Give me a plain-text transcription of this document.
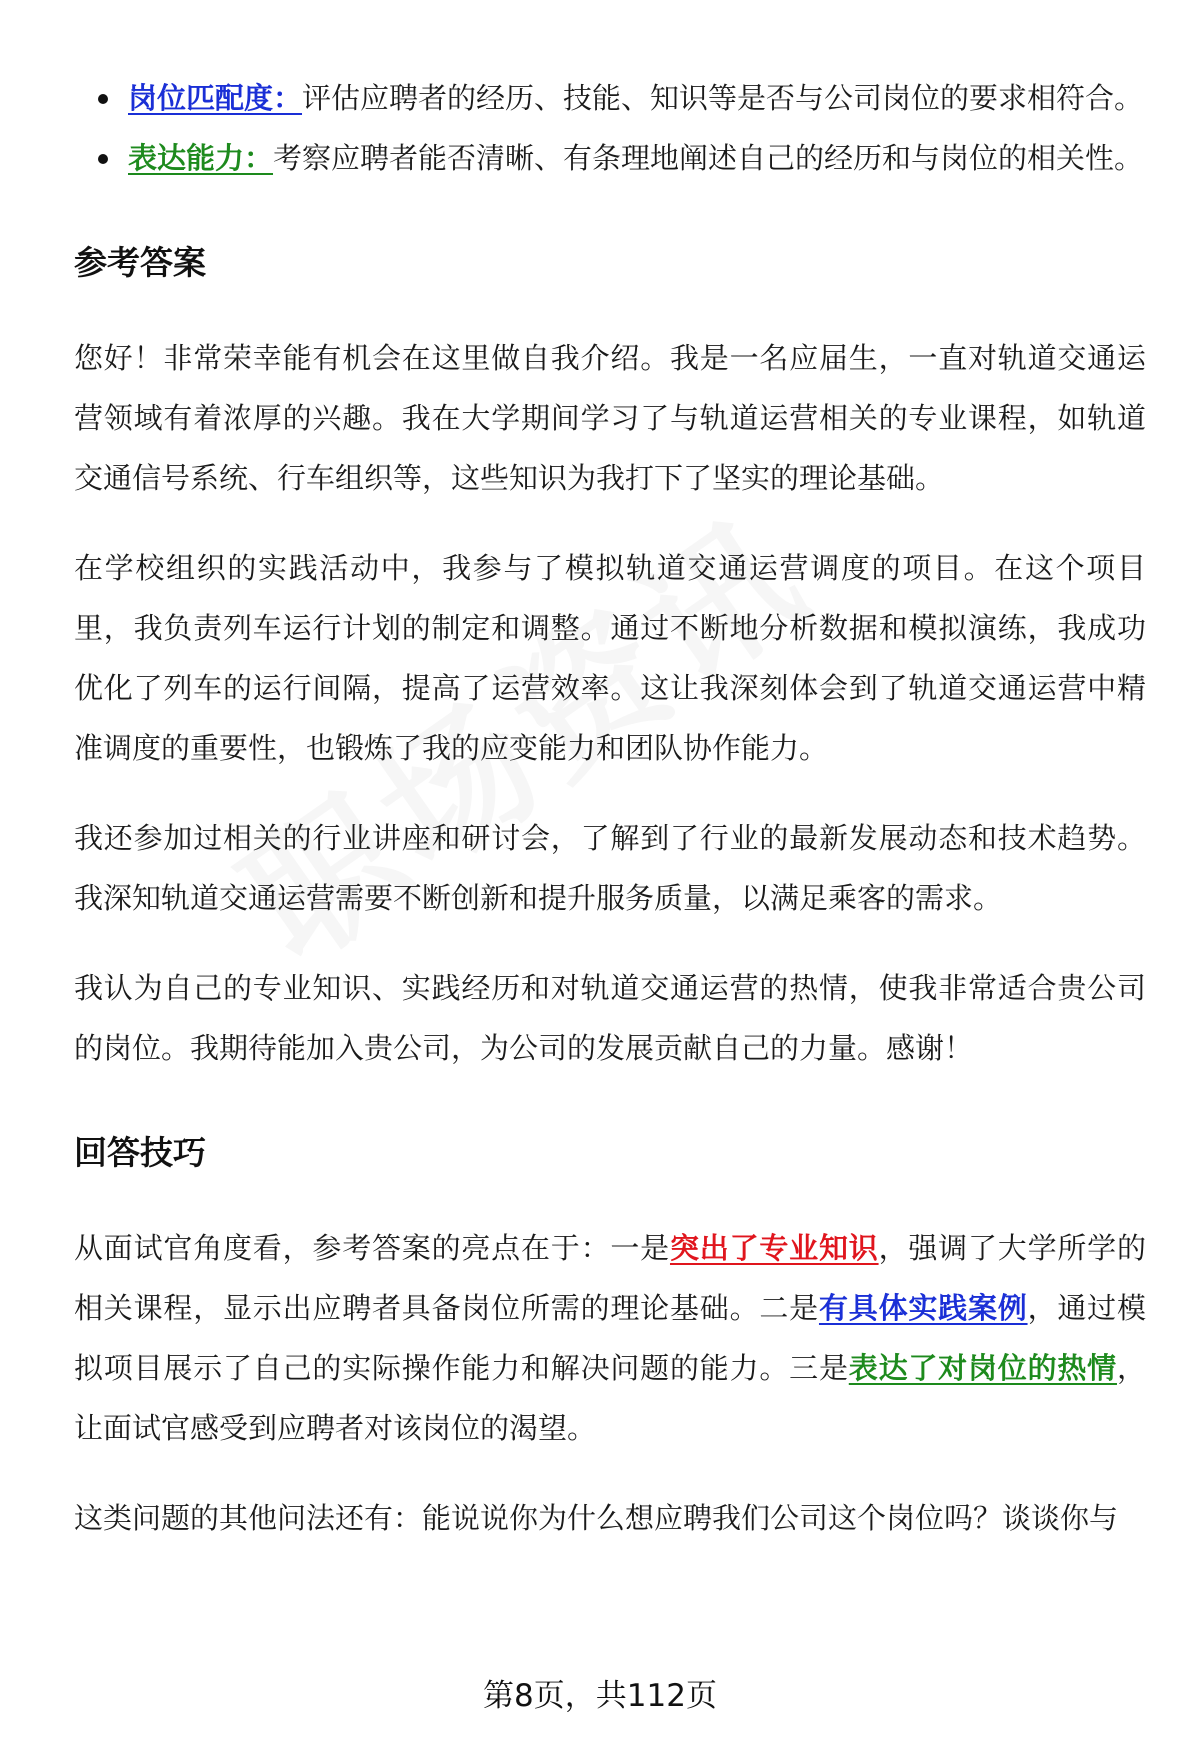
岗位匹配度：评估应聘者的经历、技能、知识等是否与公司岗位的要求相符合。
表达能力：考察应聘者能否清晰、有条理地阐述自己的经历和与岗位的相关性。
参考答案

您好！非常荣幸能有机会在这里做自我介绍。我是一名应届生，一直对轨道交通运营领域有着浓厚的兴趣。我在大学期间学习了与轨道运营相关的专业课程，如轨道交通信号系统、行车组织等，这些知识为我打下了坚实的理论基础。

在学校组织的实践活动中，我参与了模拟轨道交通运营调度的项目。在这个项目里，我负责列车运行计划的制定和调整。通过不断地分析数据和模拟演练，我成功优化了列车的运行间隔，提高了运营效率。这让我深刻体会到了轨道交通运营中精准调度的重要性，也锻炼了我的应变能力和团队协作能力。

我还参加过相关的行业讲座和研讨会，了解到了行业的最新发展动态和技术趋势。我深知轨道交通运营需要不断创新和提升服务质量，以满足乘客的需求。

我认为自己的专业知识、实践经历和对轨道交通运营的热情，使我非常适合贵公司的岗位。我期待能加入贵公司，为公司的发展贡献自己的力量。感谢！

回答技巧

从面试官角度看，参考答案的亮点在于：一是突出了专业知识，强调了大学所学的相关课程，显示出应聘者具备岗位所需的理论基础。二是有具体实践案例，通过模拟项目展示了自己的实际操作能力和解决问题的能力。三是表达了对岗位的热情，让面试官感受到应聘者对该岗位的渴望。

这类问题的其他问法还有：能说说你为什么想应聘我们公司这个岗位吗？谈谈你与

第8页，共112页
